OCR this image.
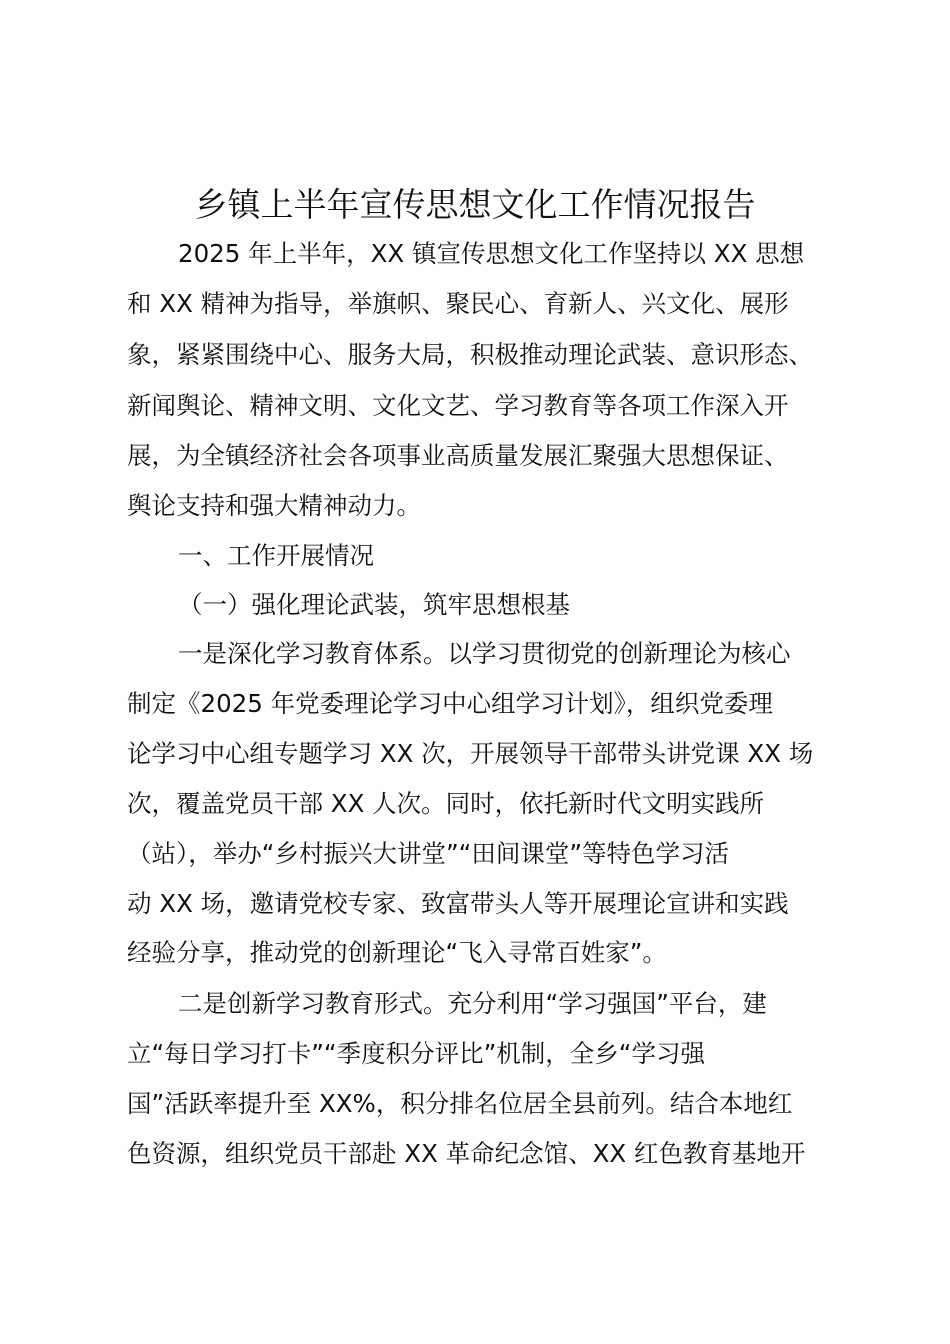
乡镇上半年宣传思想文化工作情况报告
2025 年上半年，XX 镇宣传思想文化工作坚持以 XX 思想
和 XX 精神为指导，举旗帜、聚民心、育新人、兴文化、展形
象，紧紧围绕中心、服务大局，积极推动理论武装、意识形态、
新闻舆论、精神文明、文化文艺、学习教育等各项工作深入开
展，为全镇经济社会各项事业高质量发展汇聚强大思想保证、
舆论支持和强大精神动力。
一、工作开展情况
（一）强化理论武装，筑牢思想根基
一是深化学习教育体系。以学习贯彻党的创新理论为核心
制定《2025 年党委理论学习中心组学习计划》，组织党委理
论学习中心组专题学习 XX 次，开展领导干部带头讲党课 XX 场
次，覆盖党员干部 XX 人次。同时，依托新时代文明实践所
（站），举办“乡村振兴大讲堂”“田间课堂”等特色学习活
动 XX 场，邀请党校专家、致富带头人等开展理论宣讲和实践
经验分享，推动党的创新理论“飞入寻常百姓家”。
二是创新学习教育形式。充分利用“学习强国”平台，建
立“每日学习打卡”“季度积分评比”机制，全乡“学习强
国”活跃率提升至 XX%，积分排名位居全县前列。结合本地红
色资源，组织党员干部赴 XX 革命纪念馆、XX 红色教育基地开
